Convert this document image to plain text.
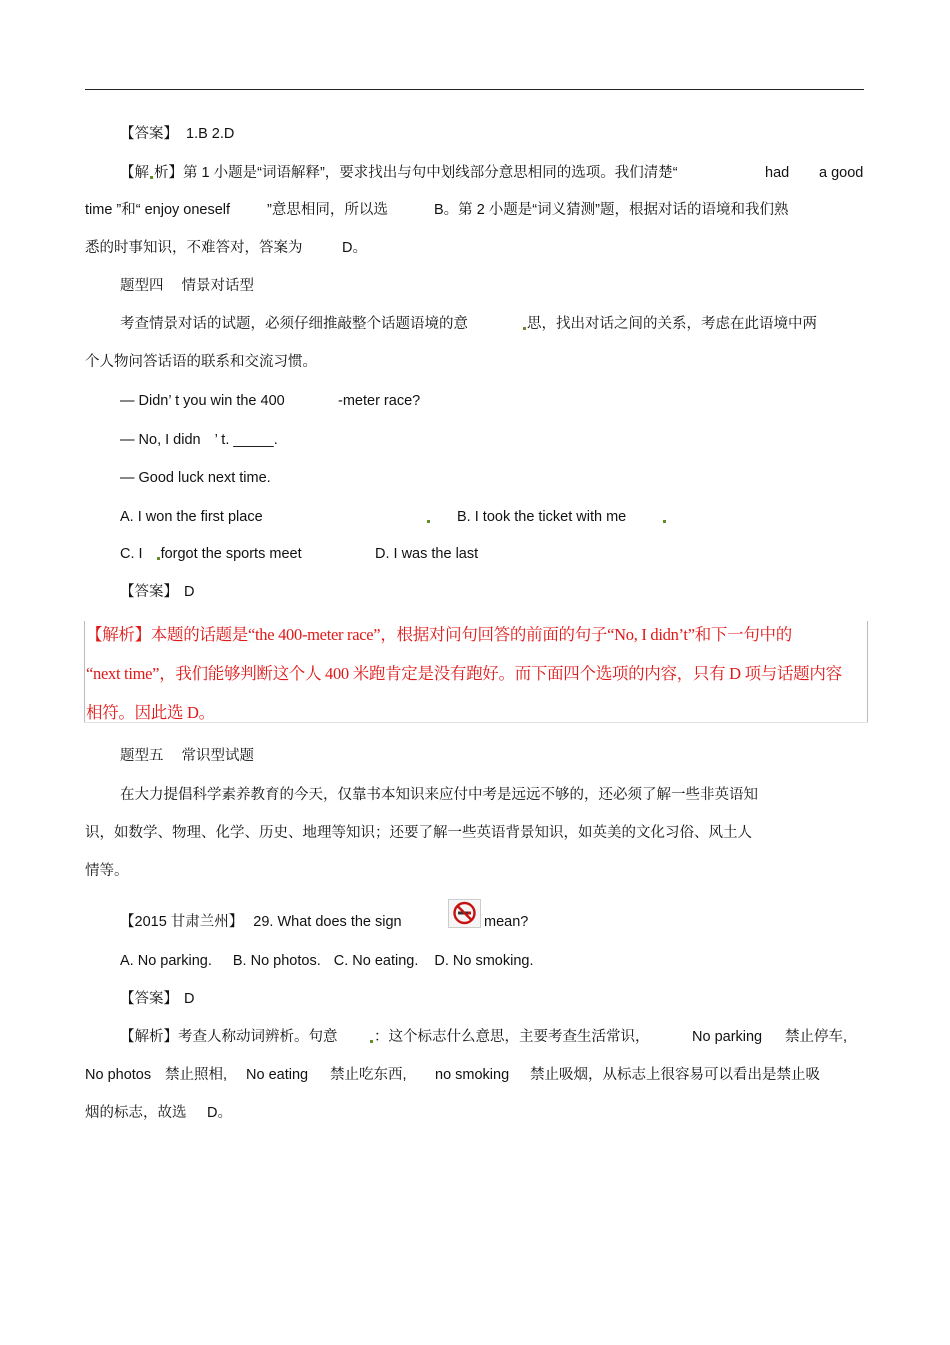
【答案】 1.B 2.D
【解 析】第 1 小题是“词语解释”，要求找出与句中划线部分意思相同的选项。我们清楚“	had a good
time ”和“ enjoy oneself	”意思相同，所以选	B。第 2 小题是“词义猜测”题，根据对话的语境和我们熟
悉的时事知识，不难答对，答案为	D。
题型四 情景对话型
考查情景对话的试题，必须仔细推敲整个话题语境的意	思，找出对话之间的关系，考虑在此语境中两
个人物问答话语的联系和交流习惯。
— Didn’ t you win the 400	-meter race?
— No, I didn ’ t. _____.
— Good luck next time.
A. I won the first place	B. I took the ticket with me
C. I forgot the sports meet	D. I was the last
【答案】 D
【解析】本题的话题是“the 400-meter race”，根据对问句回答的前面的句子“No, I didn’t”和下一句中的
“next time”，我们能够判断这个人 400 米跑肯定是没有跑好。而下面四个选项的内容，只有 D 项与话题内容
相符。因此选 D。
题型五 常识型试题
在大力提倡科学素养教育的今天，仅靠书本知识来应付中考是远远不够的，还必须了解一些非英语知
识，如数学、物理、化学、历史、地理等知识；还要了解一些英语背景知识，如英美的文化习俗、风土人
情等。
【2015 甘肃兰州】 29. What does the sign	mean?
A. No parking. B. No photos. C. No eating. D. No smoking.
【答案】 D
【解析】考查人称动词辨析。句意	：这个标志什么意思，主要考查生活常识，	No parking 禁止停车,
No photos 禁止照相, No eating 禁止吃东西, no smoking 禁止吸烟，从标志上很容易可以看出是禁止吸
烟的标志，故选 D。
